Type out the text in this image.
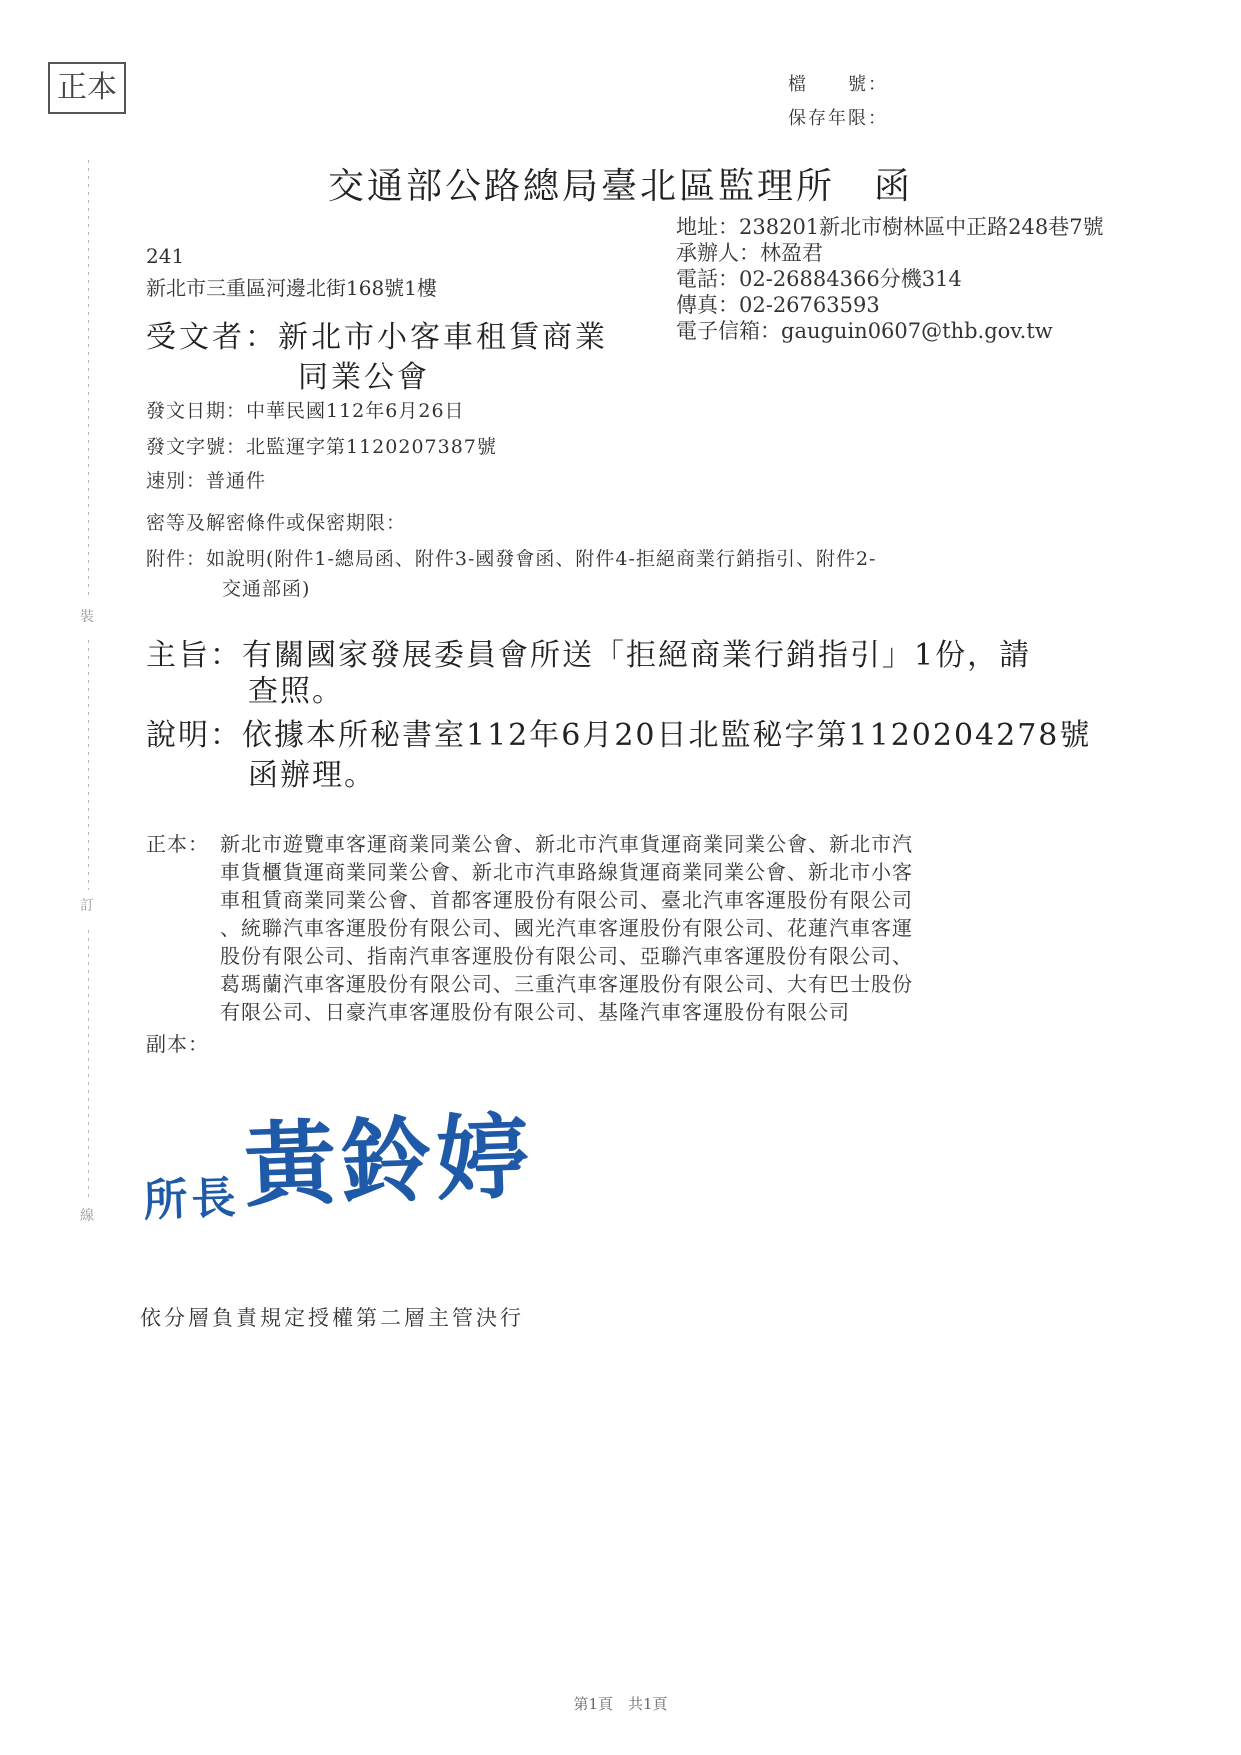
正本	檔　　號：
保存年限：
裝
訂
線
交通部公路總局臺北區監理所　函
地址：238201新北市樹林區中正路248巷7號
承辦人：林盈君
電話：02-26884366分機314
傳真：02-26763593
電子信箱：gauguin0607@thb.gov.tw
241
新北市三重區河邊北街168號1樓
受文者：新北市小客車租賃商業
同業公會
發文日期：中華民國112年6月26日
發文字號：北監運字第1120207387號
速別：普通件
密等及解密條件或保密期限：
附件：如說明(附件1-總局函、附件3-國發會函、附件4-拒絕商業行銷指引、附件2-
交通部函)
主旨：有關國家發展委員會所送「拒絕商業行銷指引」1份，請
查照。
說明：依據本所秘書室112年6月20日北監秘字第1120204278號
函辦理。
正本： 新北市遊覽車客運商業同業公會、新北市汽車貨運商業同業公會、新北市汽
車貨櫃貨運商業同業公會、新北市汽車路線貨運商業同業公會、新北市小客
車租賃商業同業公會、首都客運股份有限公司、臺北汽車客運股份有限公司
、統聯汽車客運股份有限公司、國光汽車客運股份有限公司、花蓮汽車客運
股份有限公司、指南汽車客運股份有限公司、亞聯汽車客運股份有限公司、
葛瑪蘭汽車客運股份有限公司、三重汽車客運股份有限公司、大有巴士股份
有限公司、日豪汽車客運股份有限公司、基隆汽車客運股份有限公司
副本：
所長黃鈴婷
依分層負責規定授權第二層主管決行
第1頁　共1頁
